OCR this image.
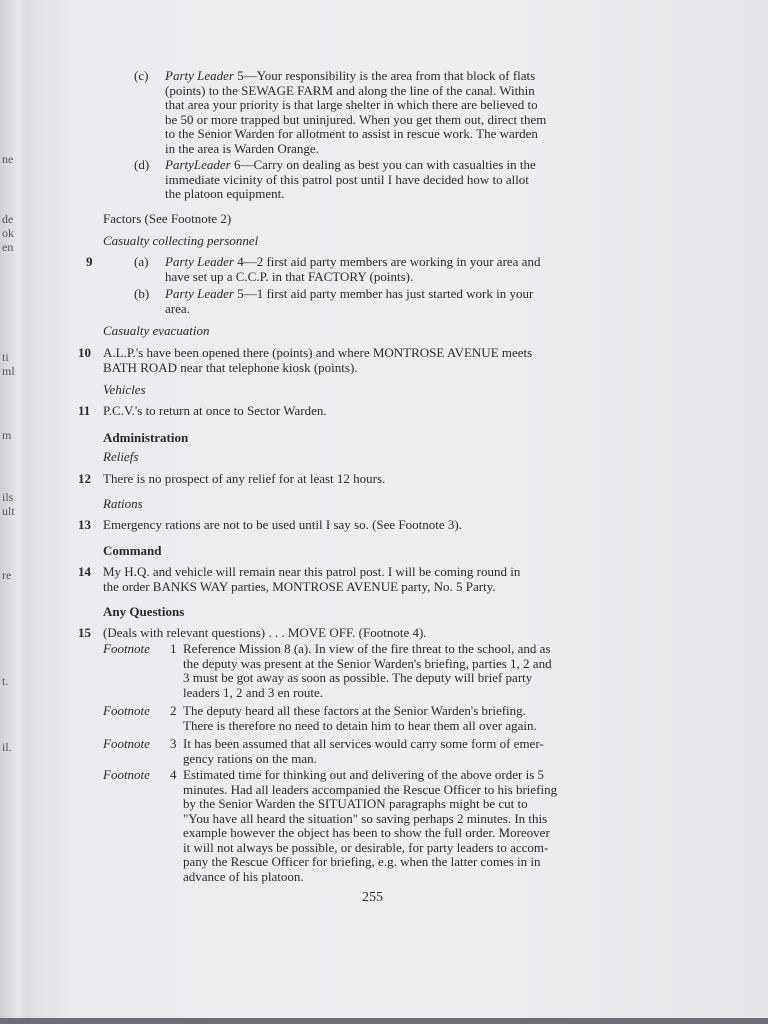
ne
de
ok
en
ti
ml
m
ils
ult
re
t.
il.
(c) Party Leader 5—Your responsibility is the area from that block of flats
(points) to the SEWAGE FARM and along the line of the canal. Within
that area your priority is that large shelter in which there are believed to
be 50 or more trapped but uninjured. When you get them out, direct them
to the Senior Warden for allotment to assist in rescue work. The warden
in the area is Warden Orange.
(d) PartyLeader 6—Carry on dealing as best you can with casualties in the
immediate vicinity of this patrol post until I have decided how to allot
the platoon equipment.
Factors (See Footnote 2)
Casualty collecting personnel
9	(a) Party Leader 4—2 first aid party members are working in your area and
have set up a C.C.P. in that FACTORY (points).
(b) Party Leader 5—1 first aid party member has just started work in your
area.
Casualty evacuation
10 A.L.P.'s have been opened there (points) and where MONTROSE AVENUE meets
BATH ROAD near that telephone kiosk (points).
Vehicles
11 P.C.V.'s to return at once to Sector Warden.
Administration
Reliefs
12 There is no prospect of any relief for at least 12 hours.
Rations
13 Emergency rations are not to be used until I say so. (See Footnote 3).
Command
14 My H.Q. and vehicle will remain near this patrol post. I will be coming round in
the order BANKS WAY parties, MONTROSE AVENUE party, No. 5 Party.
Any Questions
15 (Deals with relevant questions) . . . MOVE OFF. (Footnote 4).
Footnote 1 Reference Mission 8 (a). In view of the fire threat to the school, and as
the deputy was present at the Senior Warden's briefing, parties 1, 2 and
3 must be got away as soon as possible. The deputy will brief party
leaders 1, 2 and 3 en route.
Footnote 2 The deputy heard all these factors at the Senior Warden's briefing.
There is therefore no need to detain him to hear them all over again.
Footnote 3 It has been assumed that all services would carry some form of emer-
gency rations on the man.
Footnote 4 Estimated time for thinking out and delivering of the above order is 5
minutes. Had all leaders accompanied the Rescue Officer to his briefing
by the Senior Warden the SITUATION paragraphs might be cut to
"You have all heard the situation" so saving perhaps 2 minutes. In this
example however the object has been to show the full order. Moreover
it will not always be possible, or desirable, for party leaders to accom-
pany the Rescue Officer for briefing, e.g. when the latter comes in in
advance of his platoon.
255
